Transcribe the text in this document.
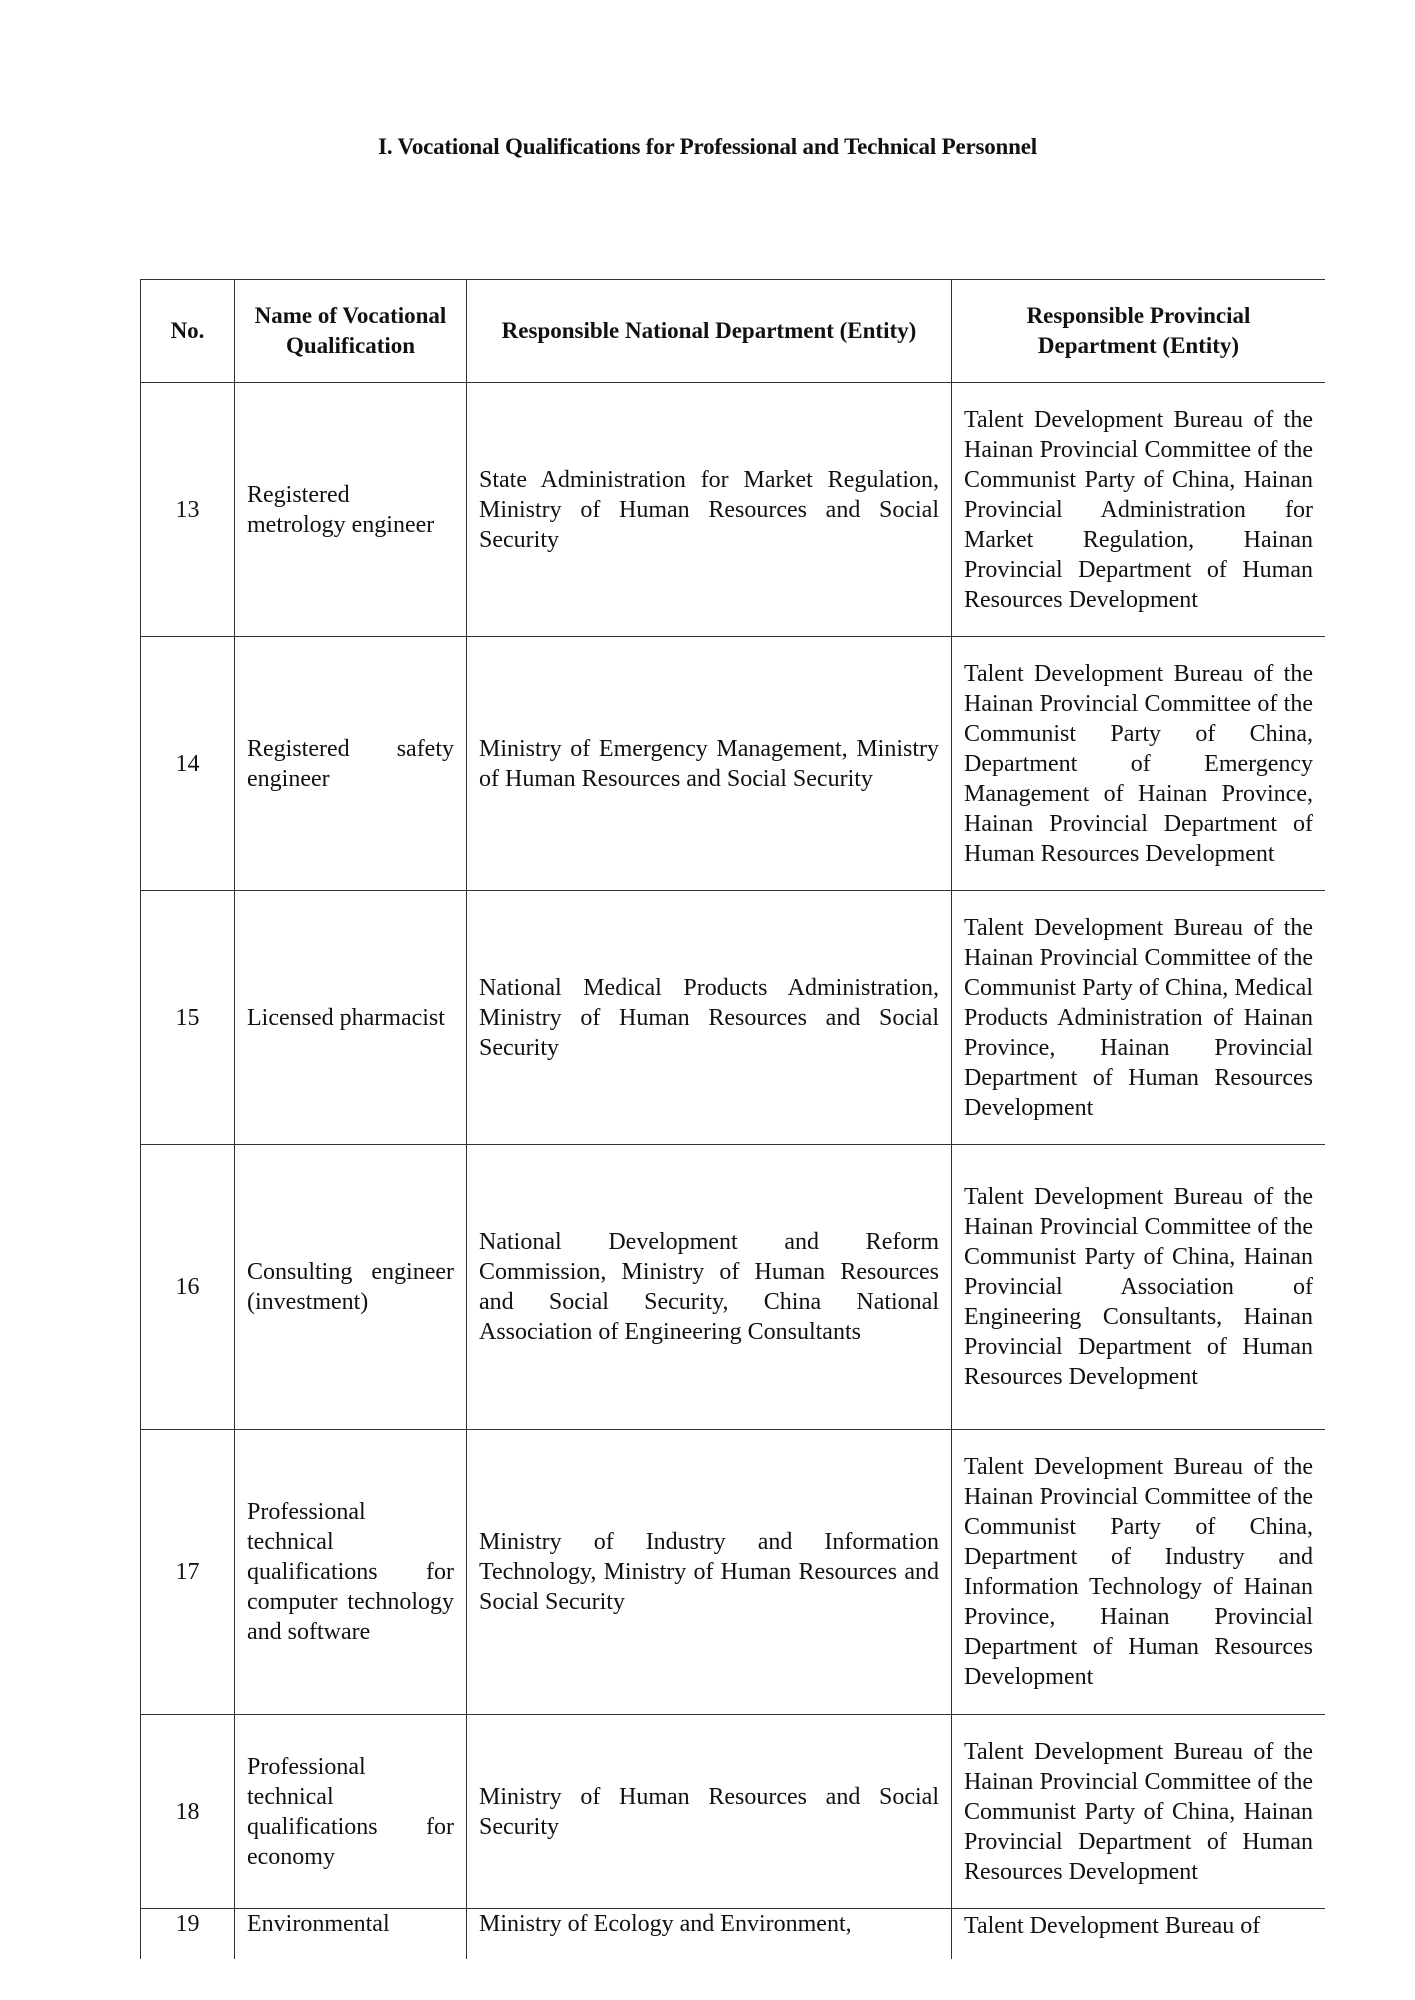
I. Vocational Qualifications for Professional and Technical Personnel
No.	Name of Vocational Qualification	Responsible National Department (Entity)	Responsible Provincial Department (Entity)
13	Registered metrology engineer	State Administration for Market Regulation, Ministry of Human Resources and Social Security	Talent Development Bureau of the Hainan Provincial Committee of the Communist Party of China, Hainan Provincial Administration for Market Regulation, Hainan Provincial Department of Human Resources Development
14	Registered safety engineer	Ministry of Emergency Management, Ministry of Human Resources and Social Security	Talent Development Bureau of the Hainan Provincial Committee of the Communist Party of China, Department of Emergency Management of Hainan Province, Hainan Provincial Department of Human Resources Development
15	Licensed pharmacist	National Medical Products Administration, Ministry of Human Resources and Social Security	Talent Development Bureau of the Hainan Provincial Committee of the Communist Party of China, Medical Products Administration of Hainan Province, Hainan Provincial Department of Human Resources Development
16	Consulting engineer (investment)	National Development and Reform Commission, Ministry of Human Resources and Social Security, China National Association of Engineering Consultants	Talent Development Bureau of the Hainan Provincial Committee of the Communist Party of China, Hainan Provincial Association of Engineering Consultants, Hainan Provincial Department of Human Resources Development
17	Professional technical qualifications for computer technology and software	Ministry of Industry and Information Technology, Ministry of Human Resources and Social Security	Talent Development Bureau of the Hainan Provincial Committee of the Communist Party of China, Department of Industry and Information Technology of Hainan Province, Hainan Provincial Department of Human Resources Development
18	Professional technical qualifications for economy	Ministry of Human Resources and Social Security	Talent Development Bureau of the Hainan Provincial Committee of the Communist Party of China, Hainan Provincial Department of Human Resources Development
19	Environmental	Ministry of Ecology and Environment,	Talent Development Bureau of
